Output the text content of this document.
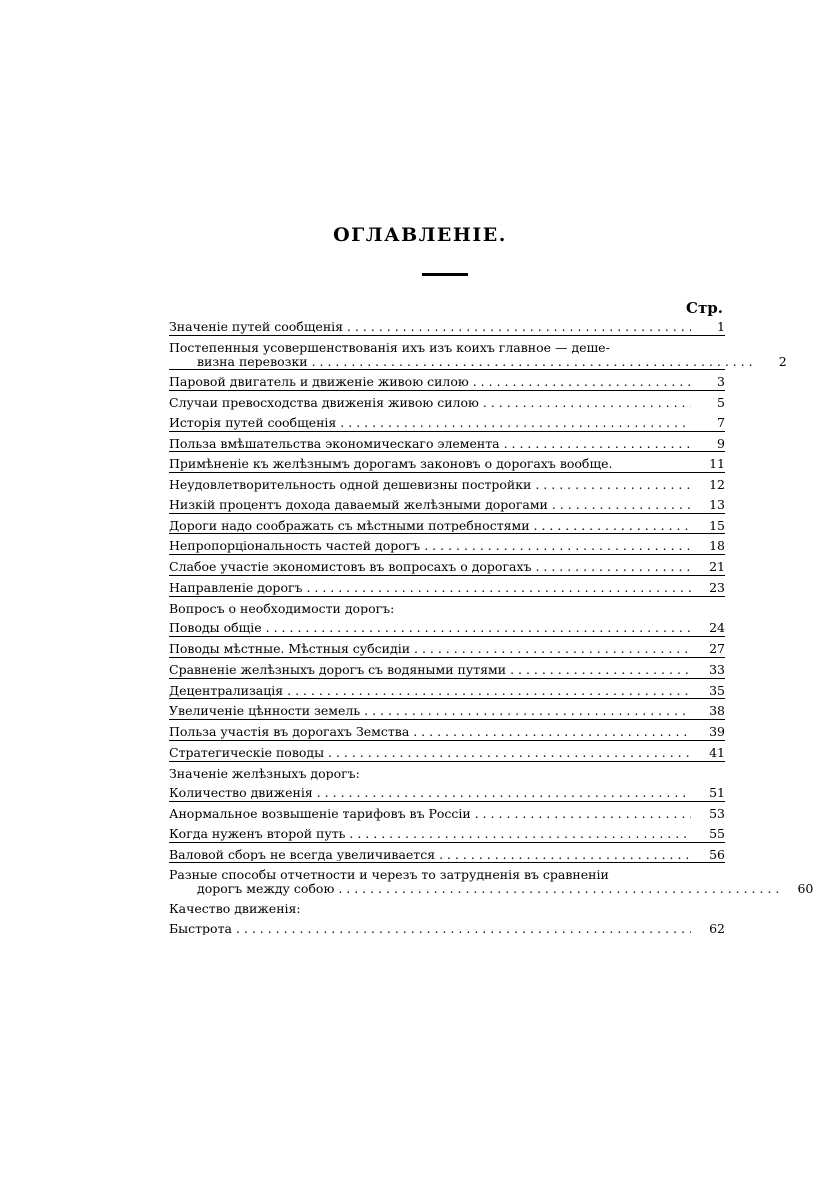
ОГЛАВЛЕНІЕ.
Стр.
Значеніе путей сообщенія . . .	1
Постепенныя усовершенствованія ихъ изъ коихъ главное — деше-
визна перевозки . . .	2
Паровой двигатель и движеніе живою силою . . .	3
Случаи превосходства движенія живою силою . . .	5
Исторія путей сообщенія . . .	7
Польза вмѣшательства экономическаго элемента . . .	9
Примѣненіе къ желѣзнымъ дорогамъ законовъ о дорогахъ вообще.	11
Неудовлетворительность одной дешевизны постройки . . .	12
Низкій процентъ дохода даваемый желѣзными дорогами . . .	13
Дороги надо соображать съ мѣстными потребностями . . .	15
Непропорціональность частей дорогъ . . .	18
Слабое участіе экономистовъ въ вопросахъ о дорогахъ . . .	21
Направленіе дорогъ . . .	23
Вопросъ о необходимости дорогъ:
Поводы общіе . . .	24
Поводы мѣстные. Мѣстныя субсидіи . . .	27
Сравненіе желѣзныхъ дорогъ съ водяными путями . . .	33
Децентрализація . . .	35
Увеличеніе цѣнности земель . . .	38
Польза участія въ дорогахъ Земства . . .	39
Стратегическіе поводы . . .	41
Значеніе желѣзныхъ дорогъ:
Количество движенія . . .	51
Анормальное возвышеніе тарифовъ въ Россіи . . .	53
Когда нуженъ второй путь . . .	55
Валовой сборъ не всегда увеличивается . . .	56
Разные способы отчетности и черезъ то затрудненія въ сравненіи
дорогъ между собою . . .	60
Качество движенія:
Быстрота . . .	62
